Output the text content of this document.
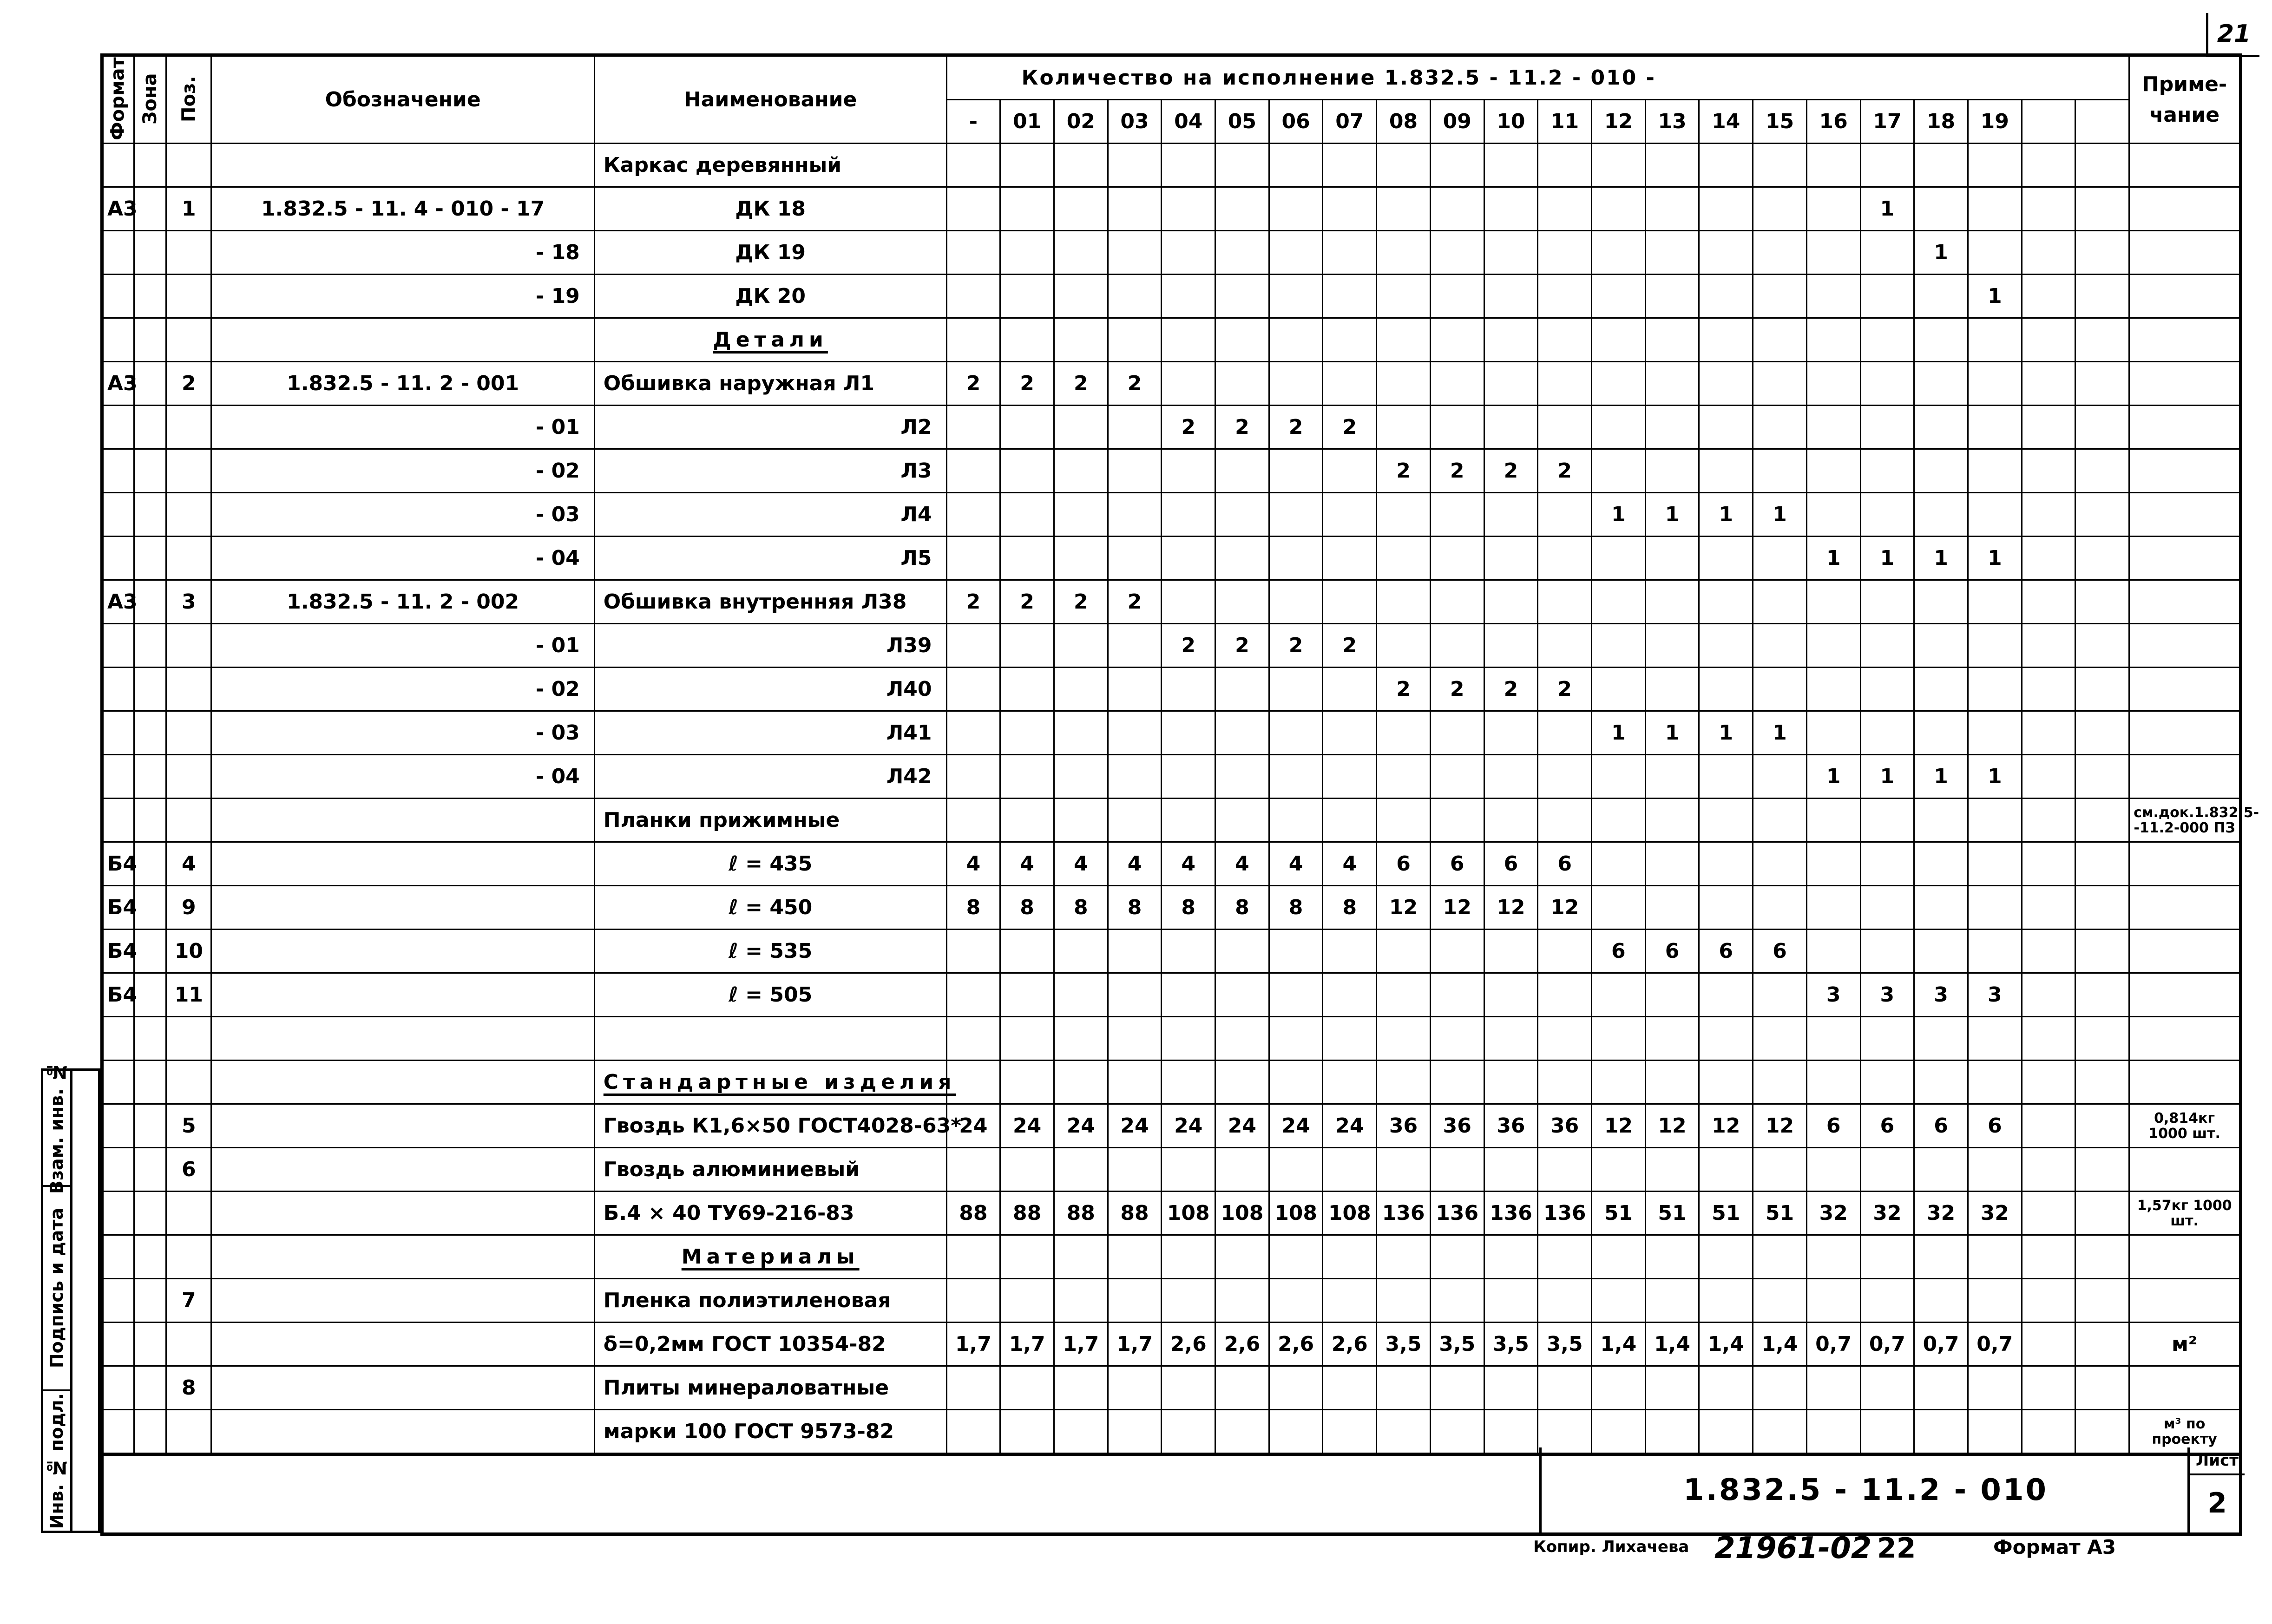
21
Формат	Зона	Поз.	Обозначение	Наименование	Количество на исполнение 1.832.5 - 11.2 - 010 -																						Приме-
чание
					-	01	02	03	04	05	06	07	08	09	10	11	12	13	14	15	16	17	18	19			
				Каркас деревянный																							
А3		1	1.832.5 - 11. 4 - 010 - 17	ДК 18																		1					
			- 18	ДК 19																			1				
			- 19	ДК 20																				1			
				Детали																							
А3		2	1.832.5 - 11. 2 - 001	Обшивка наружная Л1	2	2	2	2																			
			- 01	Л2					2	2	2	2															
			- 02	Л3									2	2	2	2											
			- 03	Л4													1	1	1	1							
			- 04	Л5																	1	1	1	1			
А3		3	1.832.5 - 11. 2 - 002	Обшивка внутренняя Л38	2	2	2	2																			
			- 01	Л39					2	2	2	2															
			- 02	Л40									2	2	2	2											
			- 03	Л41													1	1	1	1							
			- 04	Л42																	1	1	1	1			
				Планки прижимные																							см.док.1.832.5- -11.2-000 ПЗ
Б4		4		ℓ = 435	4	4	4	4	4	4	4	4	6	6	6	6											
Б4		9		ℓ = 450	8	8	8	8	8	8	8	8	12	12	12	12											
Б4		10		ℓ = 535													6	6	6	6							
Б4		11		ℓ = 505																	3	3	3	3			

				Стандартные изделия																							
		5		Гвоздь К1,6×50 ГОСТ4028-63*	24	24	24	24	24	24	24	24	36	36	36	36	12	12	12	12	6	6	6	6			0,814кг 1000 шт.
		6		Гвоздь алюминиевый																							
				Б.4 × 40 ТУ69-216-83	88	88	88	88	108	108	108	108	136	136	136	136	51	51	51	51	32	32	32	32			1,57кг 1000 шт.
				Материалы																							
		7		Пленка полиэтиленовая																							
				δ=0,2мм ГОСТ 10354-82	1,7	1,7	1,7	1,7	2,6	2,6	2,6	2,6	3,5	3,5	3,5	3,5	1,4	1,4	1,4	1,4	0,7	0,7	0,7	0,7			м²
		8		Плиты минераловатные																							
				марки 100 ГОСТ 9573-82																							м³ по проекту
Взам. инв. №
Подпись и дата
Инв. № подл.	1.832.5 - 11.2 - 010
Лист
2
Копир. Лихачева 21961-02 22	Формат А3
